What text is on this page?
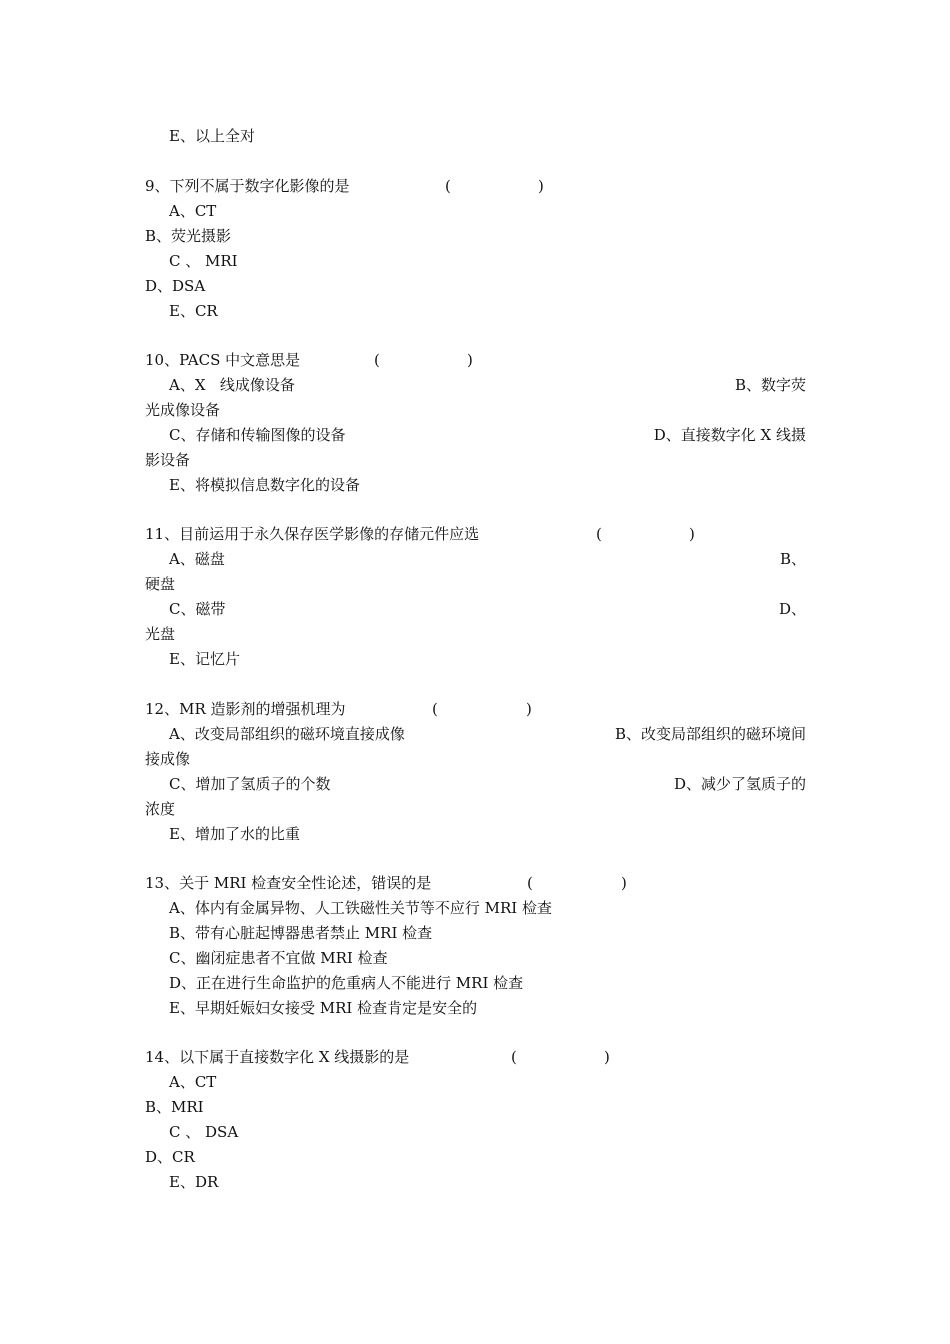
E、以上全对
9、下列不属于数字化影像的是	(	)
A、CT
B、荧光摄影
C 、 MRI
D、DSA
E、CR
10、PACS 中文意思是	(	)
A、X   线成像设备	B、数字荧
光成像设备
C、存储和传输图像的设备	D、直接数字化 X 线摄
影设备
E、将模拟信息数字化的设备
11、目前运用于永久保存医学影像的存储元件应选	(	)
A、磁盘	B、
硬盘
C、磁带	D、
光盘
E、记忆片
12、MR 造影剂的增强机理为	(	)
A、改变局部组织的磁环境直接成像	B、改变局部组织的磁环境间
接成像
C、增加了氢质子的个数	D、减少了氢质子的
浓度
E、增加了水的比重
13、关于 MRI 检查安全性论述，错误的是	(	)
A、体内有金属异物、人工铁磁性关节等不应行 MRI 检查
B、带有心脏起博器患者禁止 MRI 检查
C、幽闭症患者不宜做 MRI 检查
D、正在进行生命监护的危重病人不能进行 MRI 检查
E、早期妊娠妇女接受 MRI 检查肯定是安全的
14、以下属于直接数字化 X 线摄影的是	(	)
A、CT
B、MRI
C 、 DSA
D、CR
E、DR
